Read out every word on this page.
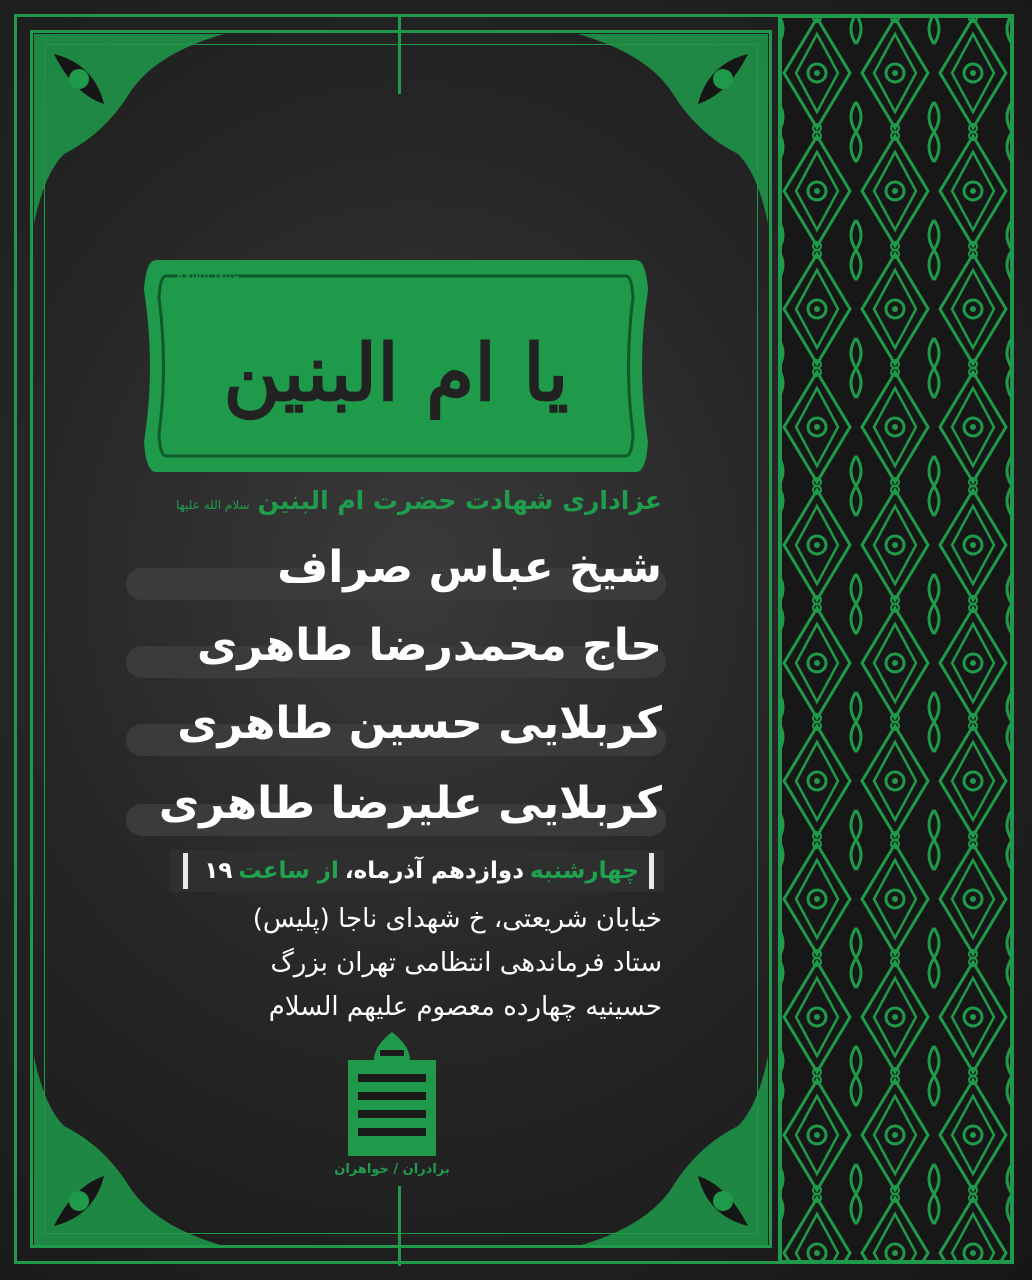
یا ام البنین
علیها السلام
عزاداری شهادت حضرت ام البنین
سلام الله علیها
شیخ عباس صراف
حاج محمدرضا طاهری
کربلایی حسین طاهری
کربلایی علیرضا طاهری
چهارشنبه
دوازدهم آذرماه،
از ساعت
۱۹
خیابان شریعتی، خ شهدای ناجا (پلیس)
ستاد فرماندهی انتظامی تهران بزرگ
حسینیه چهارده معصوم علیهم السلام
برادران / خواهران
